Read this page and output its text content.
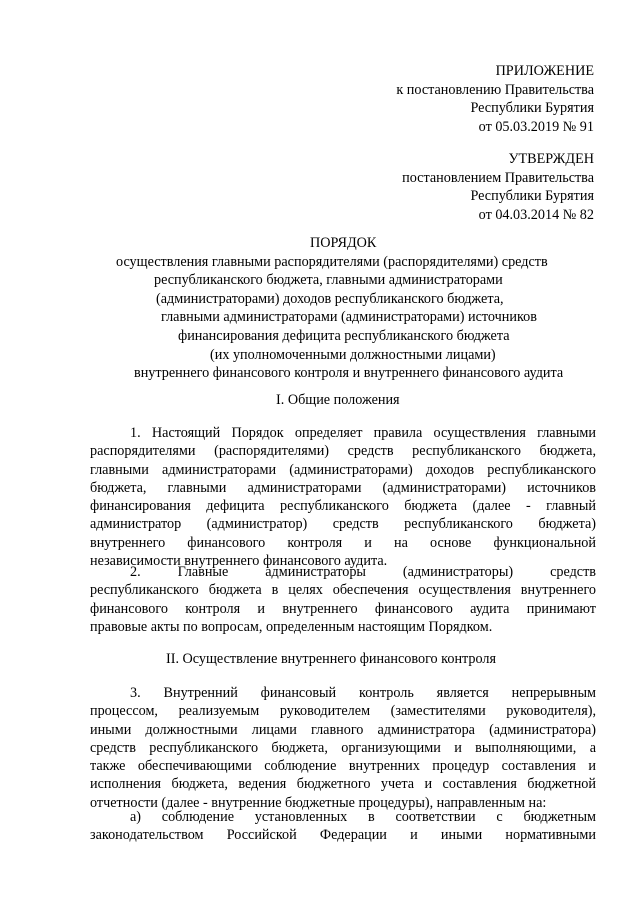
ПРИЛОЖЕНИЕ
к постановлению Правительства
Республики Бурятия
от 05.03.2019 № 91
УТВЕРЖДЕН
постановлением Правительства
Республики Бурятия
от 04.03.2014 № 82
ПОРЯДОК
осуществления главными распорядителями (распорядителями) средств
республиканского бюджета, главными администраторами
(администраторами) доходов республиканского бюджета,
главными администраторами (администраторами) источников
финансирования дефицита республиканского бюджета
(их уполномоченными должностными лицами)
внутреннего финансового контроля и внутреннего финансового аудита
I. Общие положения
1. Настоящий Порядок определяет правила осуществления главными
распорядителями (распорядителями) средств республиканского бюджета,
главными администраторами (администраторами) доходов республиканского
бюджета, главными администраторами (администраторами) источников
финансирования дефицита республиканского бюджета (далее - главный
администратор (администратор) средств республиканского бюджета)
внутреннего финансового контроля и на основе функциональной
независимости внутреннего финансового аудита.
2. Главные администраторы (администраторы) средств
республиканского бюджета в целях обеспечения осуществления внутреннего
финансового контроля и внутреннего финансового аудита принимают
правовые акты по вопросам, определенным настоящим Порядком.
II. Осуществление внутреннего финансового контроля
3. Внутренний финансовый контроль является непрерывным
процессом, реализуемым руководителем (заместителями руководителя),
иными должностными лицами главного администратора (администратора)
средств республиканского бюджета, организующими и выполняющими, а
также обеспечивающими соблюдение внутренних процедур составления и
исполнения бюджета, ведения бюджетного учета и составления бюджетной
отчетности (далее - внутренние бюджетные процедуры), направленным на:
а) соблюдение установленных в соответствии с бюджетным
законодательством Российской Федерации и иными нормативными
